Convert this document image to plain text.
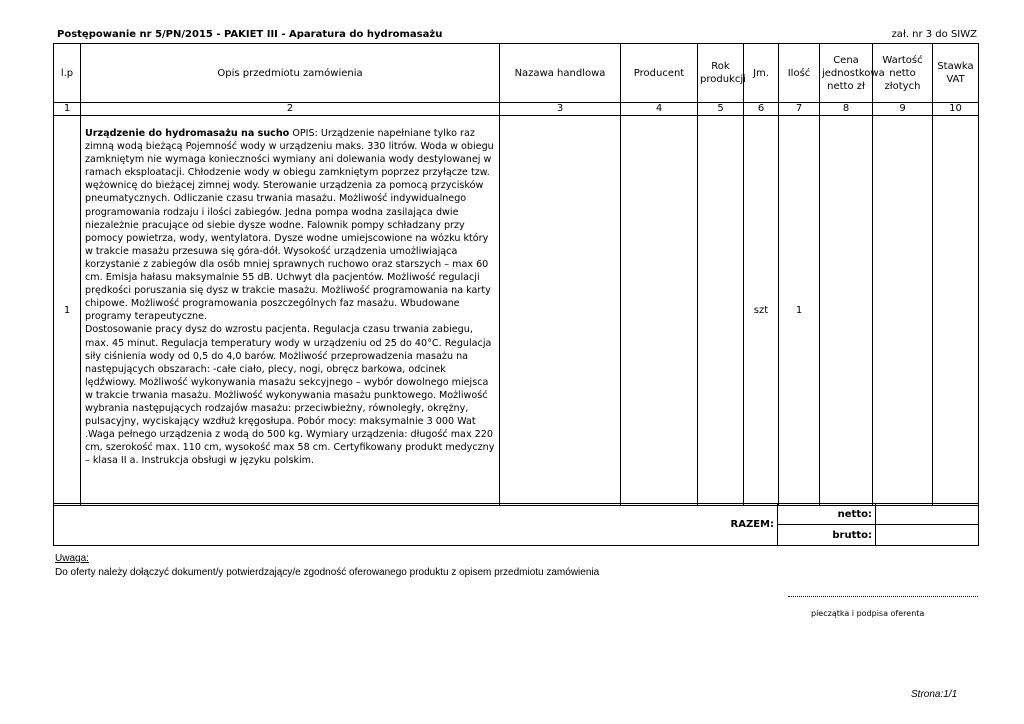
Postępowanie nr 5/PN/2015 - PAKIET III - Aparatura do hydromasażu	zał. nr 3 do SIWZ
l.p	Opis przedmiotu zamówienia	Nazawa handlowa	Producent	Rok produkcji	Jm.	Ilość	Cena jednostkowa netto zł	Wartość netto złotych	Stawka VAT
1	2	3	4	5	6	7	8	9	10
1	Urządzenie do hydromasażu na sucho OPIS: Urządzenie napełniane tylko raz zimną wodą bieżącą Pojemność wody w urządzeniu maks. 330 litrów. Woda w obiegu zamkniętym nie wymaga konieczności wymiany ani dolewania wody destylowanej w ramach eksploatacji. Chłodzenie wody w obiegu zamkniętym poprzez przyłącze tzw. wężownicę do bieżącej zimnej wody. Sterowanie urządzenia za pomocą przycisków pneumatycznych. Odliczanie czasu trwania masażu. Możliwość indywidualnego programowania rodzaju i ilości zabiegów. Jedna pompa wodna zasilająca dwie niezależnie pracujące od siebie dysze wodne. Falownik pompy schładzany przy pomocy powietrza, wody, wentylatora. Dysze wodne umiejscowione na wózku który w trakcie masażu przesuwa się góra-dół. Wysokość urządzenia umożliwiająca korzystanie z zabiegów dla osób mniej sprawnych ruchowo oraz starszych – max 60 cm. Emisja hałasu maksymalnie 55 dB. Uchwyt dla pacjentów. Możliwość regulacji prędkości poruszania się dysz w trakcie masażu. Możliwość programowania na karty chipowe. Możliwość programowania poszczególnych faz masażu. Wbudowane programy terapeutyczne.
Dostosowanie pracy dysz do wzrostu pacjenta. Regulacja czasu trwania zabiegu, max. 45 minut. Regulacja temperatury wody w urządzeniu od 25 do 40°C. Regulacja siły ciśnienia wody od 0,5 do 4,0 barów. Możliwość przeprowadzenia masażu na następujących obszarach: -całe ciało, plecy, nogi, obręcz barkowa, odcinek lędźwiowy. Możliwość wykonywania masażu sekcyjnego – wybór dowolnego miejsca w trakcie trwania masażu. Możliwość wykonywania masażu punktowego. Możliwość wybrania następujących rodzajów masażu: przeciwbieżny, równoległy, okrężny, pulsacyjny, wyciskający wzdłuż kręgosłupa. Pobór mocy: maksymalnie 3 000 Wat .Waga pełnego urządzenia z wodą do 500 kg. Wymiary urządzenia: długość max 220 cm, szerokość max. 110 cm, wysokość max 58 cm. Certyfikowany produkt medyczny – klasa II a. Instrukcja obsługi w języku polskim.				szt	1			
RAZEM:	netto:	
	brutto:	
Uwaga:
Do oferty należy dołączyć dokument/y potwierdzający/e zgodność oferowanego produktu z opisem przedmiotu zamówienia
pieczątka i podpisa oferenta
Strona:1/1
